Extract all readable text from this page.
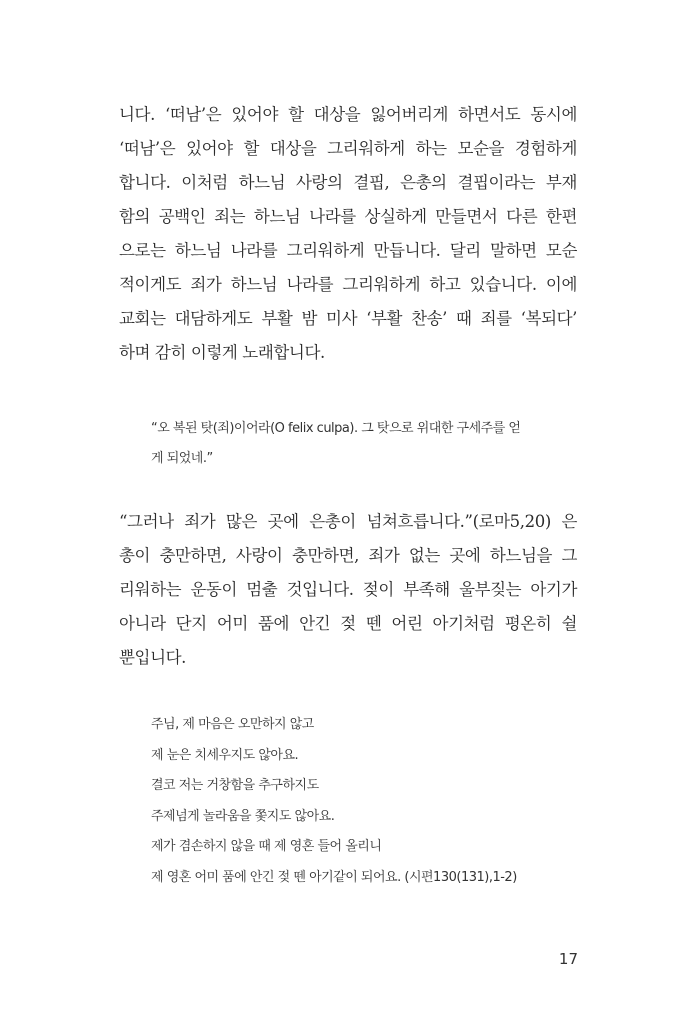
니다. ‘떠남’은 있어야 할 대상을 잃어버리게 하면서도 동시에
‘떠남’은 있어야 할 대상을 그리워하게 하는 모순을 경험하게
합니다. 이처럼 하느님 사랑의 결핍, 은총의 결핍이라는 부재
함의 공백인 죄는 하느님 나라를 상실하게 만들면서 다른 한편
으로는 하느님 나라를 그리워하게 만듭니다. 달리 말하면 모순
적이게도 죄가 하느님 나라를 그리워하게 하고 있습니다. 이에
교회는 대담하게도 부활 밤 미사 ‘부활 찬송’ 때 죄를 ‘복되다’
하며 감히 이렇게 노래합니다.

“오 복된 탓(죄)이어라(O felix culpa). 그 탓으로 위대한 구세주를 얻
게 되었네.”

“그러나 죄가 많은 곳에 은총이 넘쳐흐릅니다.”(로마5,20) 은
총이 충만하면, 사랑이 충만하면, 죄가 없는 곳에 하느님을 그
리워하는 운동이 멈출 것입니다. 젖이 부족해 울부짖는 아기가
아니라 단지 어미 품에 안긴 젖 뗀 어린 아기처럼 평온히 쉴
뿐입니다.

주님, 제 마음은 오만하지 않고
제 눈은 치세우지도 않아요.
결코 저는 거창함을 추구하지도
주제넘게 놀라움을 쫓지도 않아요.
제가 겸손하지 않을 때 제 영혼 들어 올리니
제 영혼 어미 품에 안긴 젖 뗀 아기같이 되어요. (시편130(131),1-2)

17
